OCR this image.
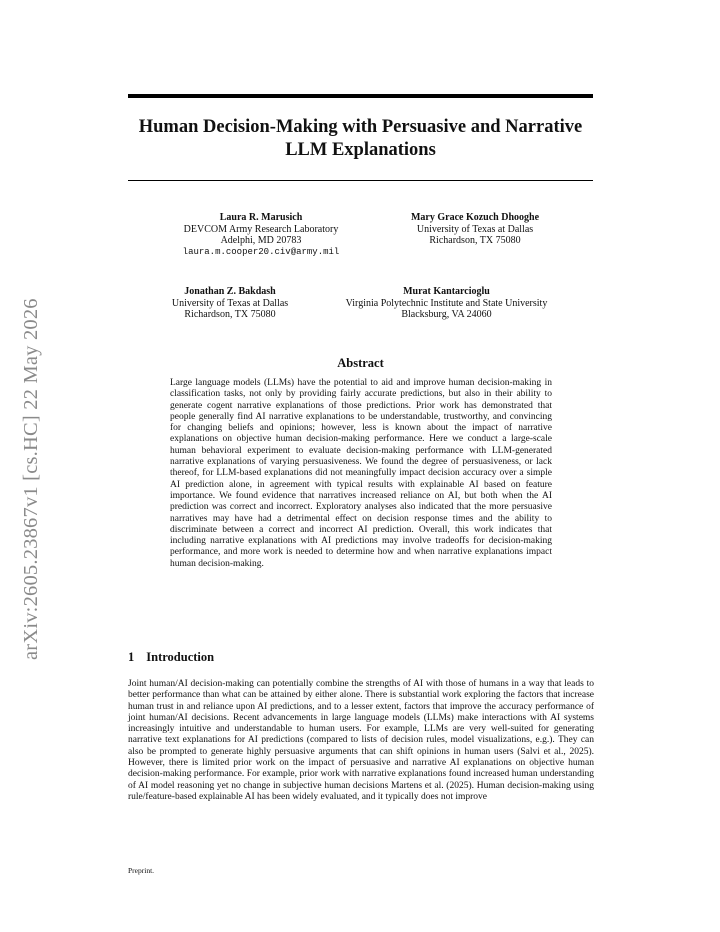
arXiv:2605.23867v1 [cs.HC] 22 May 2026
Human Decision-Making with Persuasive and Narrative LLM Explanations
Laura R. Marusich
DEVCOM Army Research Laboratory
Adelphi, MD 20783
laura.m.cooper20.civ@army.mil
Mary Grace Kozuch Dhooghe
University of Texas at Dallas
Richardson, TX 75080
Jonathan Z. Bakdash
University of Texas at Dallas
Richardson, TX 75080
Murat Kantarcioglu
Virginia Polytechnic Institute and State University
Blacksburg, VA 24060
Abstract
Large language models (LLMs) have the potential to aid and improve human decision-making in classification tasks, not only by providing fairly accurate predictions, but also in their ability to generate cogent narrative explanations of those predictions. Prior work has demonstrated that people generally find AI narrative explanations to be understandable, trustworthy, and convincing for changing beliefs and opinions; however, less is known about the impact of narrative explanations on objective human decision-making performance. Here we conduct a large-scale human behavioral experiment to evaluate decision-making performance with LLM-generated narrative explanations of varying persuasiveness. We found the degree of persuasiveness, or lack thereof, for LLM-based explanations did not meaningfully impact decision accuracy over a simple AI prediction alone, in agreement with typical results with explainable AI based on feature importance. We found evidence that narratives increased reliance on AI, but both when the AI prediction was correct and incorrect. Exploratory analyses also indicated that the more persuasive narratives may have had a detrimental effect on decision response times and the ability to discriminate between a correct and incorrect AI prediction. Overall, this work indicates that including narrative explanations with AI predictions may involve tradeoffs for decision-making performance, and more work is needed to determine how and when narrative explanations impact human decision-making.
1 Introduction
Joint human/AI decision-making can potentially combine the strengths of AI with those of humans in a way that leads to better performance than what can be attained by either alone. There is substantial work exploring the factors that increase human trust in and reliance upon AI predictions, and to a lesser extent, factors that improve the accuracy performance of joint human/AI decisions. Recent advancements in large language models (LLMs) make interactions with AI systems increasingly intuitive and understandable to human users. For example, LLMs are very well-suited for generating narrative text explanations for AI predictions (compared to lists of decision rules, model visualizations, e.g.). They can also be prompted to generate highly persuasive arguments that can shift opinions in human users (Salvi et al., 2025). However, there is limited prior work on the impact of persuasive and narrative AI explanations on objective human decision-making performance. For example, prior work with narrative explanations found increased human understanding of AI model reasoning yet no change in subjective human decisions Martens et al. (2025). Human decision-making using rule/feature-based explainable AI has been widely evaluated, and it typically does not improve
Preprint.
